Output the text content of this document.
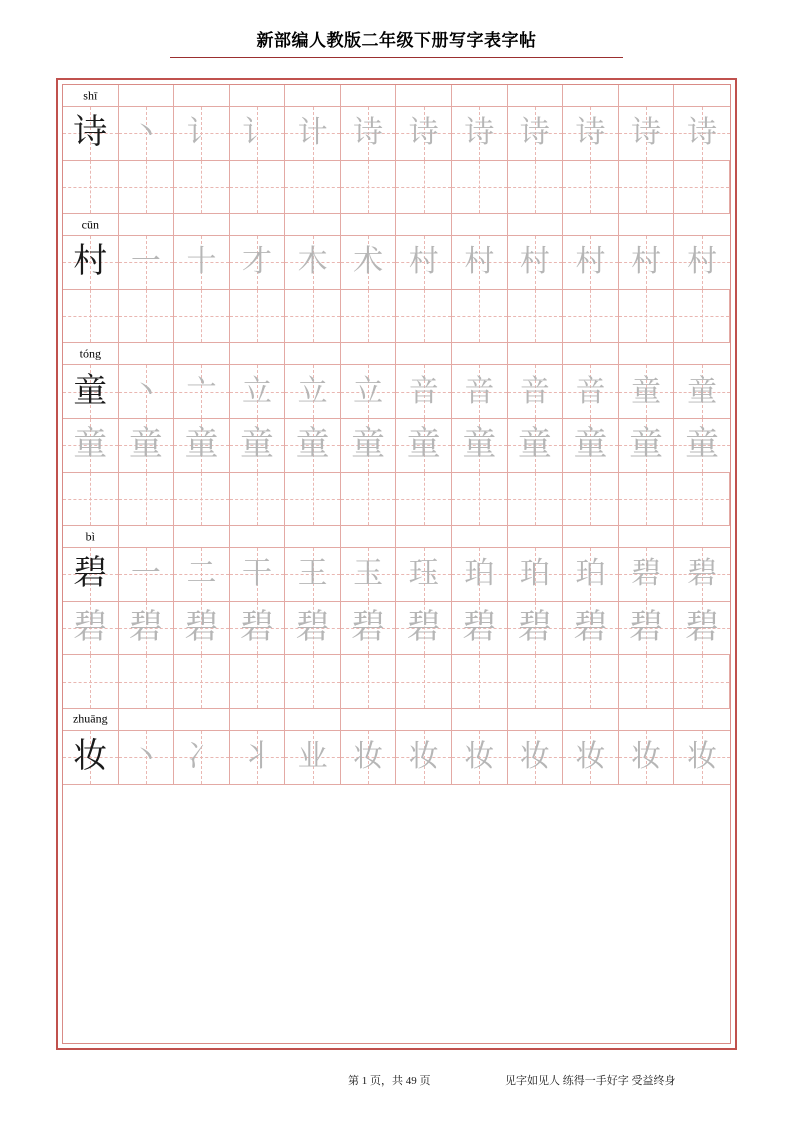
新部编人教版二年级下册写字表字帖
shī
诗 丶 讠 讠 计 诗 诗 诗 诗 诗 诗 诗
cūn
村 一 十 才 木 术 村 村 村 村 村 村
tóng
童 丶 亠 立 立 立 音 音 音 音 童 童
童 童 童 童 童 童 童 童 童 童 童 童
bì
碧 一 二 干 王 玉 珏 珀 珀 珀 碧 碧
碧 碧 碧 碧 碧 碧 碧 碧 碧 碧 碧 碧
zhuāng
妆 丶 冫 丬 业 妆 妆 妆 妆 妆 妆 妆
第 1 页，共 49 页	见字如见人 练得一手好字 受益终身
